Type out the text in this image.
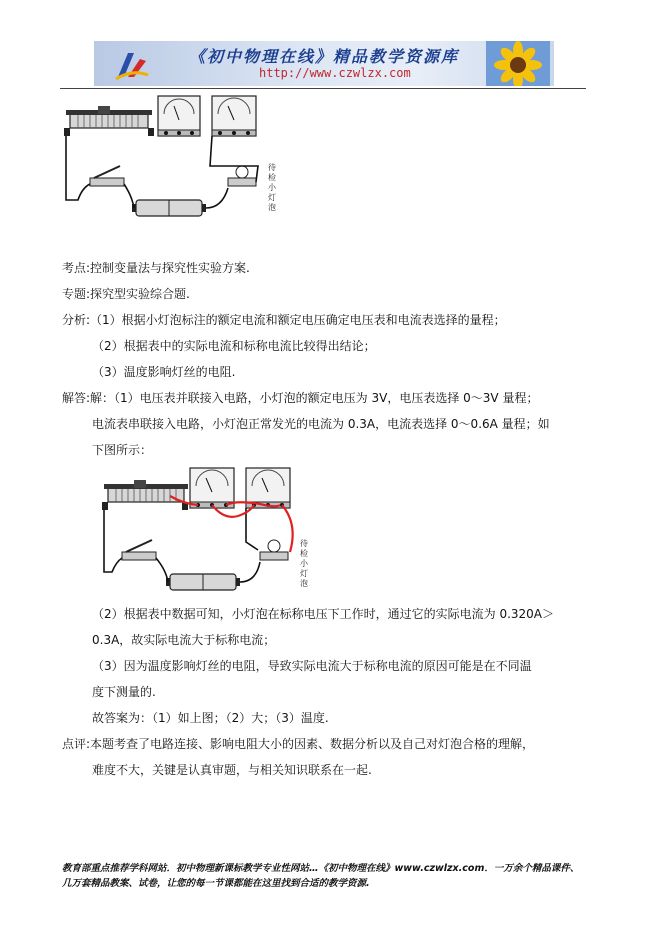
《初中物理在线》精品教学资源库
http://www.czwlzx.com
待
检
小
灯
泡
考点:控制变量法与探究性实验方案.
专题:探究型实验综合题.
分析:（1）根据小灯泡标注的额定电流和额定电压确定电压表和电流表选择的量程；
（2）根据表中的实际电流和标称电流比较得出结论；
（3）温度影响灯丝的电阻.
解答:解：（1）电压表并联接入电路，小灯泡的额定电压为 3V，电压表选择 0～3V 量程；
电流表串联接入电路，小灯泡正常发光的电流为 0.3A，电流表选择 0～0.6A 量程；如
下图所示：
待
检
小
灯
泡
（2）根据表中数据可知，小灯泡在标称电压下工作时，通过它的实际电流为 0.320A＞
0.3A，故实际电流大于标称电流；
（3）因为温度影响灯丝的电阻，导致实际电流大于标称电流的原因可能是在不同温
度下测量的.
故答案为：（1）如上图；（2）大；（3）温度.
点评:本题考查了电路连接、影响电阻大小的因素、数据分析以及自己对灯泡合格的理解，
难度不大，关键是认真审题，与相关知识联系在一起.
教育部重点推荐学科网站．初中物理新课标教学专业性网站…《初中物理在线》www.czwlzx.com．一万余个精品课件、
几万套精品教案、试卷，让您的每一节课都能在这里找到合适的教学资源.
